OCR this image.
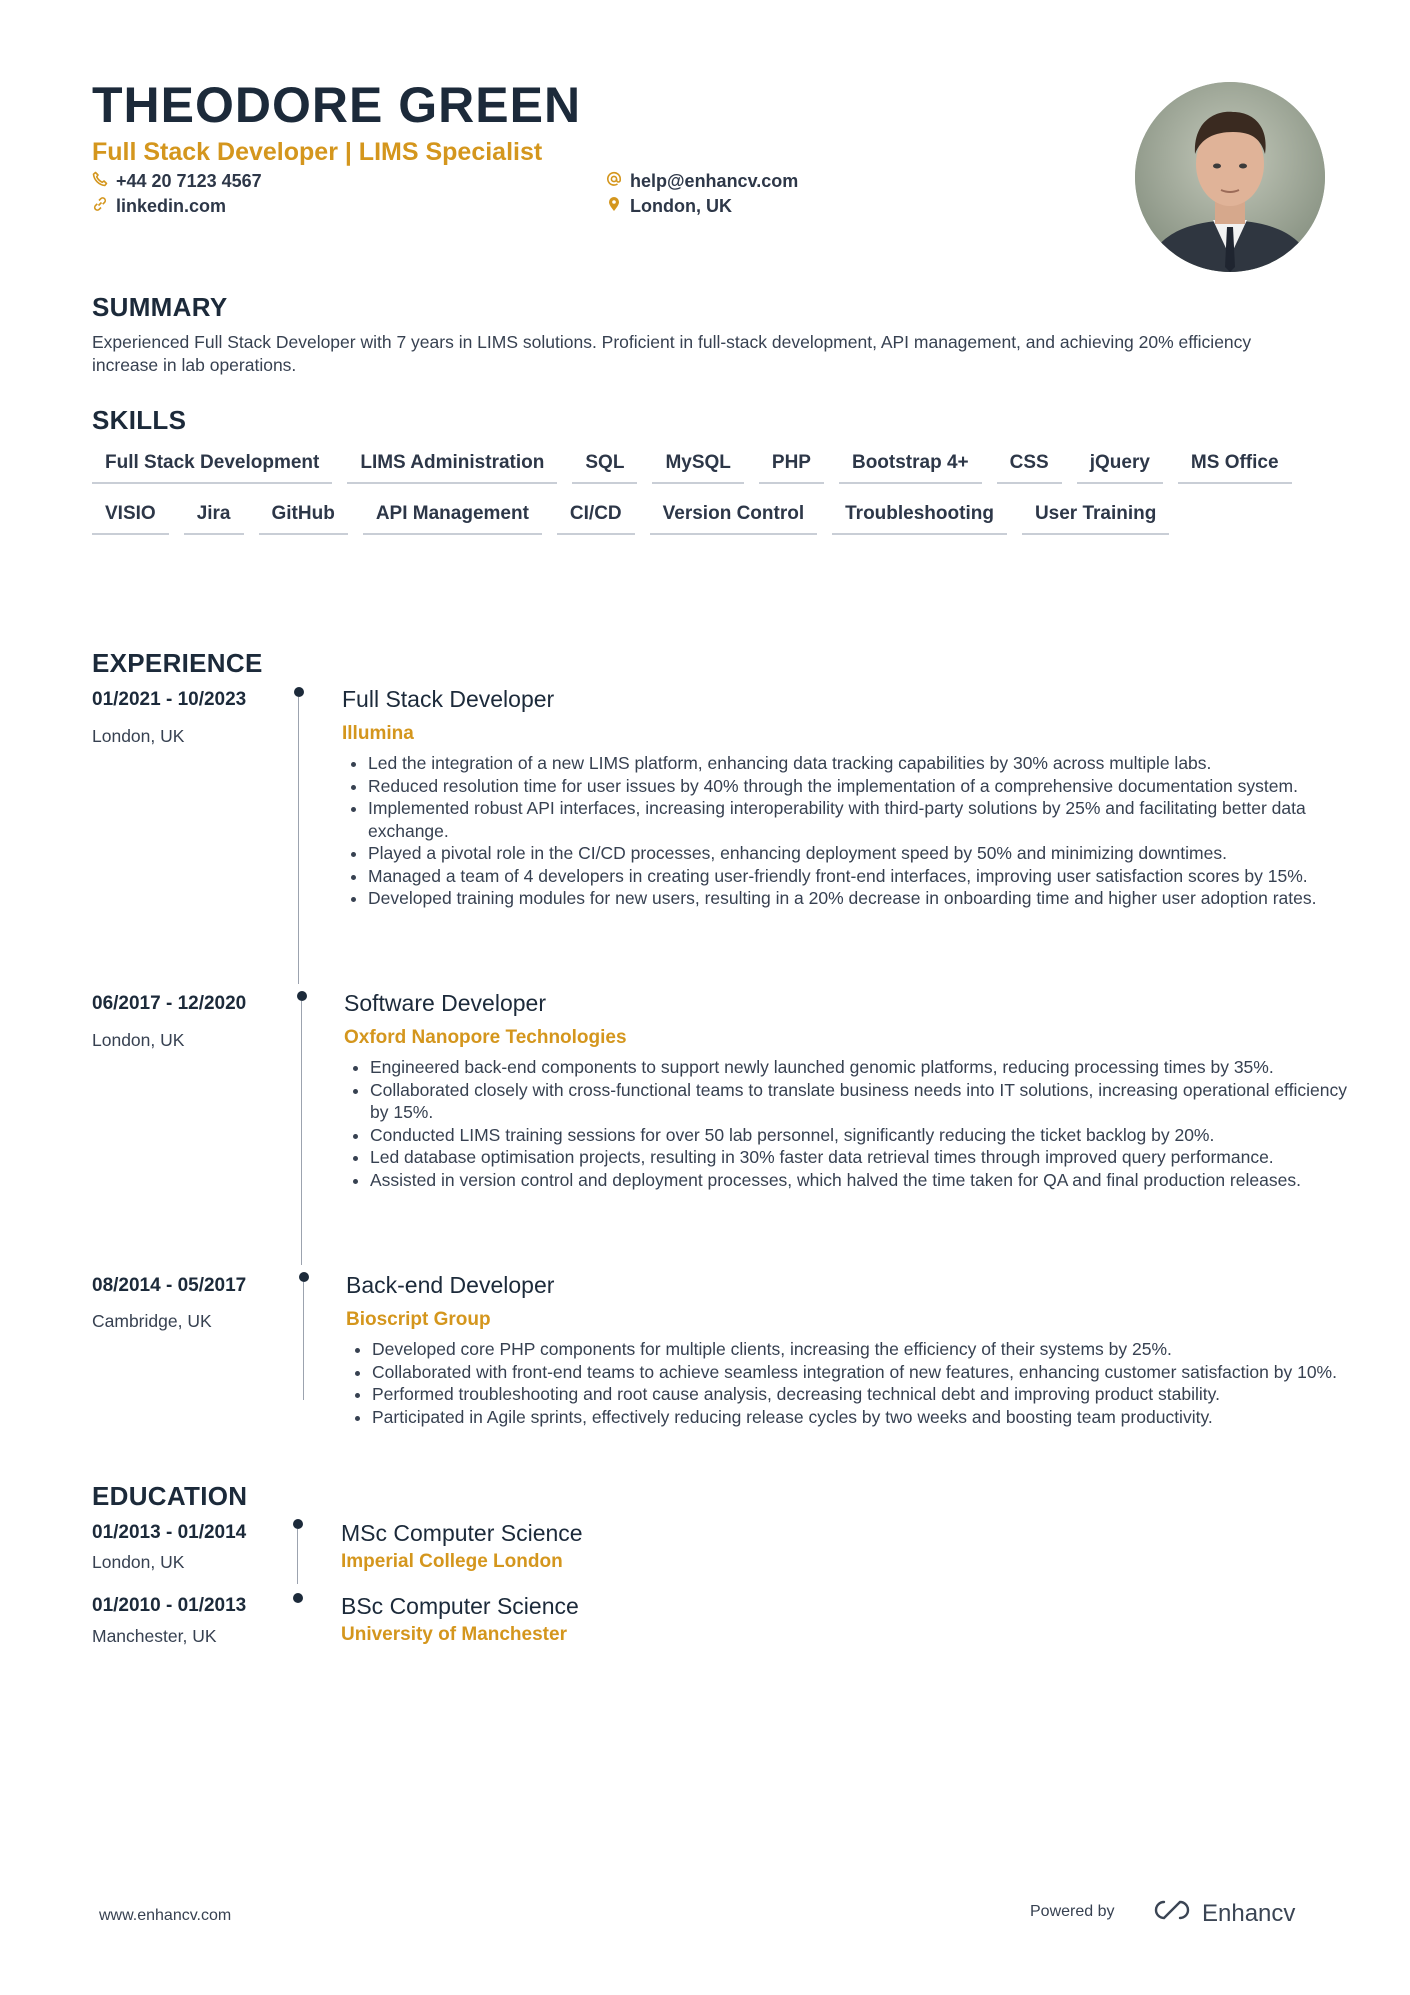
THEODORE GREEN
Full Stack Developer | LIMS Specialist
+44 20 7123 4567
linkedin.com
help@enhancv.com
London, UK
SUMMARY
Experienced Full Stack Developer with 7 years in LIMS solutions. Proficient in full-stack development, API management, and achieving 20% efficiency increase in lab operations.
SKILLS
Full Stack Development	LIMS Administration	SQL	MySQL	PHP	Bootstrap 4+	CSS	jQuery	MS Office
VISIO	Jira	GitHub	API Management	CI/CD	Version Control	Troubleshooting	User Training
EXPERIENCE
01/2021 - 10/2023
London, UK
Full Stack Developer
Illumina
• Led the integration of a new LIMS platform, enhancing data tracking capabilities by 30% across multiple labs.
• Reduced resolution time for user issues by 40% through the implementation of a comprehensive documentation system.
• Implemented robust API interfaces, increasing interoperability with third-party solutions by 25% and facilitating better data exchange.
• Played a pivotal role in the CI/CD processes, enhancing deployment speed by 50% and minimizing downtimes.
• Managed a team of 4 developers in creating user-friendly front-end interfaces, improving user satisfaction scores by 15%.
• Developed training modules for new users, resulting in a 20% decrease in onboarding time and higher user adoption rates.
06/2017 - 12/2020
London, UK
Software Developer
Oxford Nanopore Technologies
• Engineered back-end components to support newly launched genomic platforms, reducing processing times by 35%.
• Collaborated closely with cross-functional teams to translate business needs into IT solutions, increasing operational efficiency by 15%.
• Conducted LIMS training sessions for over 50 lab personnel, significantly reducing the ticket backlog by 20%.
• Led database optimisation projects, resulting in 30% faster data retrieval times through improved query performance.
• Assisted in version control and deployment processes, which halved the time taken for QA and final production releases.
08/2014 - 05/2017
Cambridge, UK
Back-end Developer
Bioscript Group
• Developed core PHP components for multiple clients, increasing the efficiency of their systems by 25%.
• Collaborated with front-end teams to achieve seamless integration of new features, enhancing customer satisfaction by 10%.
• Performed troubleshooting and root cause analysis, decreasing technical debt and improving product stability.
• Participated in Agile sprints, effectively reducing release cycles by two weeks and boosting team productivity.
EDUCATION
01/2013 - 01/2014
London, UK
MSc Computer Science
Imperial College London
01/2010 - 01/2013
Manchester, UK
BSc Computer Science
University of Manchester
www.enhancv.com	Powered by	Enhancv
